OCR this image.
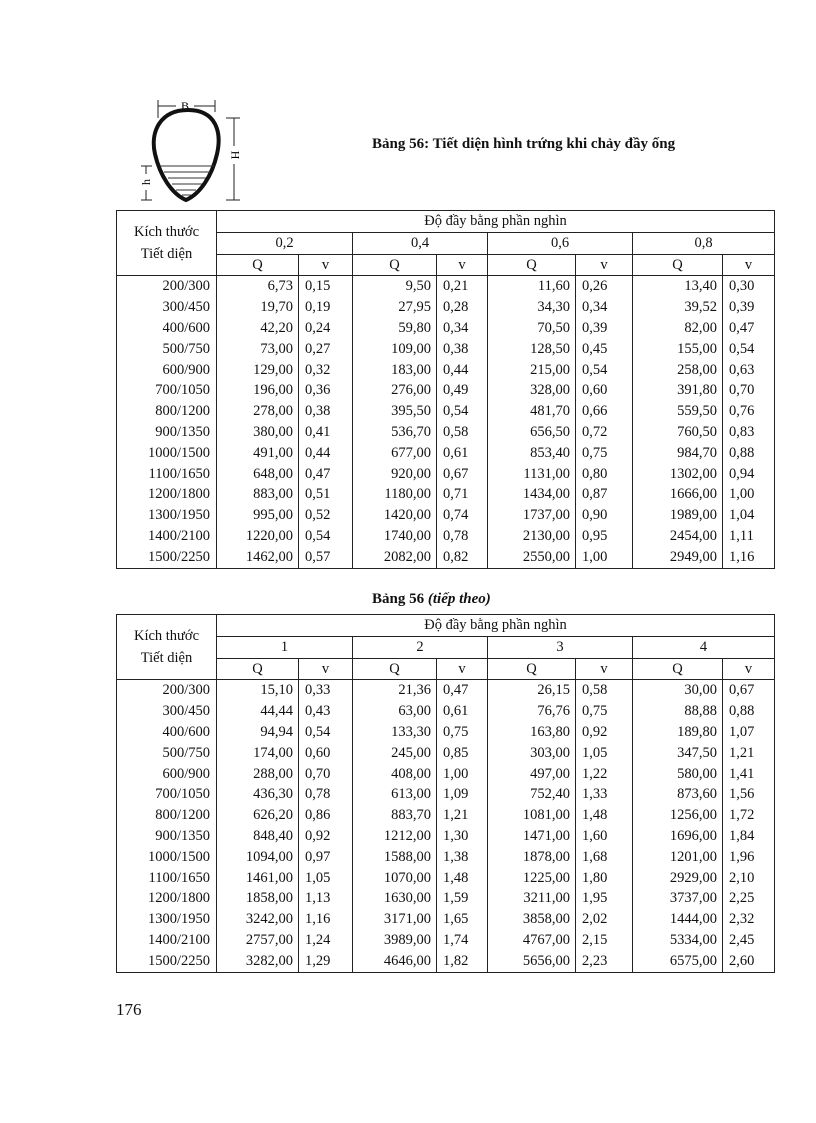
B
H
h
Bảng 56: Tiết diện hình trứng khi chảy đầy ống
Kích thước
Tiết diện	Độ đầy bằng phần nghìn							
	0,2		0,4		0,6		0,8	
	Q	v	Q	v	Q	v	Q	v
200/300	6,73	0,15	9,50	0,21	11,60	0,26	13,40	0,30
300/450	19,70	0,19	27,95	0,28	34,30	0,34	39,52	0,39
400/600	42,20	0,24	59,80	0,34	70,50	0,39	82,00	0,47
500/750	73,00	0,27	109,00	0,38	128,50	0,45	155,00	0,54
600/900	129,00	0,32	183,00	0,44	215,00	0,54	258,00	0,63
700/1050	196,00	0,36	276,00	0,49	328,00	0,60	391,80	0,70
800/1200	278,00	0,38	395,50	0,54	481,70	0,66	559,50	0,76
900/1350	380,00	0,41	536,70	0,58	656,50	0,72	760,50	0,83
1000/1500	491,00	0,44	677,00	0,61	853,40	0,75	984,70	0,88
1100/1650	648,00	0,47	920,00	0,67	1131,00	0,80	1302,00	0,94
1200/1800	883,00	0,51	1180,00	0,71	1434,00	0,87	1666,00	1,00
1300/1950	995,00	0,52	1420,00	0,74	1737,00	0,90	1989,00	1,04
1400/2100	1220,00	0,54	1740,00	0,78	2130,00	0,95	2454,00	1,11
1500/2250	1462,00	0,57	2082,00	0,82	2550,00	1,00	2949,00	1,16
Bảng 56 (tiếp theo)
Kích thước
Tiết diện	Độ đầy bằng phần nghìn							
	1		2		3		4	
	Q	v	Q	v	Q	v	Q	v
200/300	15,10	0,33	21,36	0,47	26,15	0,58	30,00	0,67
300/450	44,44	0,43	63,00	0,61	76,76	0,75	88,88	0,88
400/600	94,94	0,54	133,30	0,75	163,80	0,92	189,80	1,07
500/750	174,00	0,60	245,00	0,85	303,00	1,05	347,50	1,21
600/900	288,00	0,70	408,00	1,00	497,00	1,22	580,00	1,41
700/1050	436,30	0,78	613,00	1,09	752,40	1,33	873,60	1,56
800/1200	626,20	0,86	883,70	1,21	1081,00	1,48	1256,00	1,72
900/1350	848,40	0,92	1212,00	1,30	1471,00	1,60	1696,00	1,84
1000/1500	1094,00	0,97	1588,00	1,38	1878,00	1,68	1201,00	1,96
1100/1650	1461,00	1,05	1070,00	1,48	1225,00	1,80	2929,00	2,10
1200/1800	1858,00	1,13	1630,00	1,59	3211,00	1,95	3737,00	2,25
1300/1950	3242,00	1,16	3171,00	1,65	3858,00	2,02	1444,00	2,32
1400/2100	2757,00	1,24	3989,00	1,74	4767,00	2,15	5334,00	2,45
1500/2250	3282,00	1,29	4646,00	1,82	5656,00	2,23	6575,00	2,60
176
